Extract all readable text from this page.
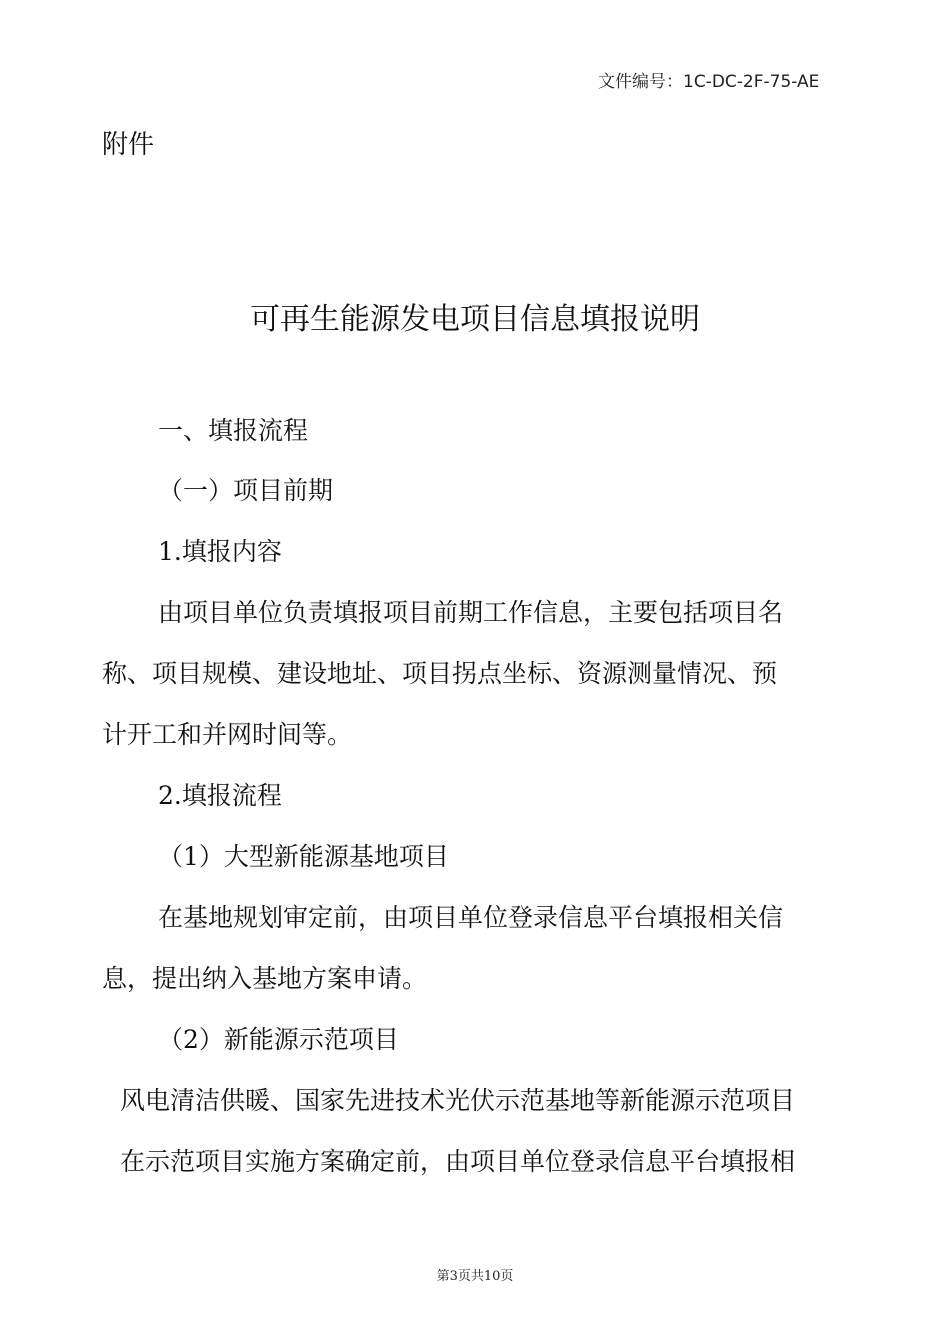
文件编号：1C-DC-2F-75-AE
附件
可再生能源发电项目信息填报说明

一、填报流程

（一）项目前期

1.填报内容

由项目单位负责填报项目前期工作信息，主要包括项目名

称、项目规模、建设地址、项目拐点坐标、资源测量情况、预

计开工和并网时间等。

2.填报流程

（1）大型新能源基地项目

在基地规划审定前，由项目单位登录信息平台填报相关信

息，提出纳入基地方案申请。

（2）新能源示范项目

风电清洁供暖、国家先进技术光伏示范基地等新能源示范项目

在示范项目实施方案确定前，由项目单位登录信息平台填报相

第3页共10页
